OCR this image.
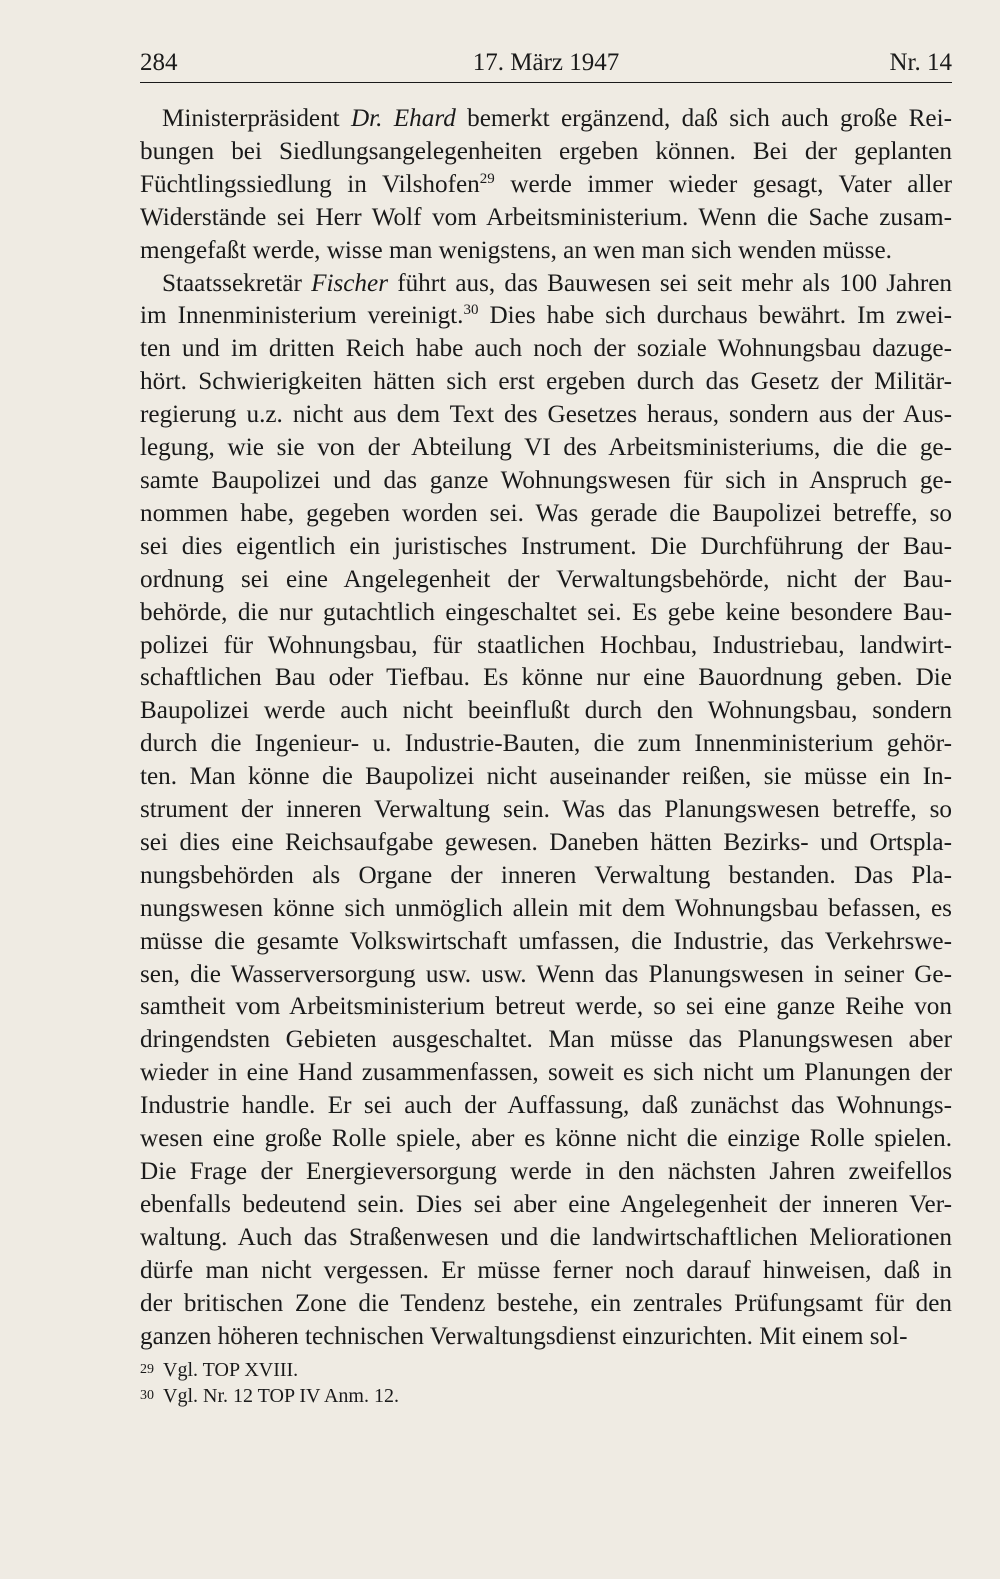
284	17. März 1947	Nr. 14

Ministerpräsident Dr. Ehard bemerkt ergänzend, daß sich auch große Rei-
bungen bei Siedlungsangelegenheiten ergeben können. Bei der geplanten
Füchtlingssiedlung in Vilshofen$^{29}$ werde immer wieder gesagt, Vater aller
Widerstände sei Herr Wolf vom Arbeitsministerium. Wenn die Sache zusam-
mengefaßt werde, wisse man wenigstens, an wen man sich wenden müsse.

Staatssekretär Fischer führt aus, das Bauwesen sei seit mehr als 100 Jahren
im Innenministerium vereinigt.$^{30}$ Dies habe sich durchaus bewährt. Im zwei-
ten und im dritten Reich habe auch noch der soziale Wohnungsbau dazuge-
hört. Schwierigkeiten hätten sich erst ergeben durch das Gesetz der Militär-
regierung u.z. nicht aus dem Text des Gesetzes heraus, sondern aus der Aus-
legung, wie sie von der Abteilung VI des Arbeitsministeriums, die die ge-
samte Baupolizei und das ganze Wohnungswesen für sich in Anspruch ge-
nommen habe, gegeben worden sei. Was gerade die Baupolizei betreffe, so
sei dies eigentlich ein juristisches Instrument. Die Durchführung der Bau-
ordnung sei eine Angelegenheit der Verwaltungsbehörde, nicht der Bau-
behörde, die nur gutachtlich eingeschaltet sei. Es gebe keine besondere Bau-
polizei für Wohnungsbau, für staatlichen Hochbau, Industriebau, landwirt-
schaftlichen Bau oder Tiefbau. Es könne nur eine Bauordnung geben. Die
Baupolizei werde auch nicht beeinflußt durch den Wohnungsbau, sondern
durch die Ingenieur- u. Industrie-Bauten, die zum Innenministerium gehör-
ten. Man könne die Baupolizei nicht auseinander reißen, sie müsse ein In-
strument der inneren Verwaltung sein. Was das Planungswesen betreffe, so
sei dies eine Reichsaufgabe gewesen. Daneben hätten Bezirks- und Ortspla-
nungsbehörden als Organe der inneren Verwaltung bestanden. Das Pla-
nungswesen könne sich unmöglich allein mit dem Wohnungsbau befassen, es
müsse die gesamte Volkswirtschaft umfassen, die Industrie, das Verkehrswe-
sen, die Wasserversorgung usw. usw. Wenn das Planungswesen in seiner Ge-
samtheit vom Arbeitsministerium betreut werde, so sei eine ganze Reihe von
dringendsten Gebieten ausgeschaltet. Man müsse das Planungswesen aber
wieder in eine Hand zusammenfassen, soweit es sich nicht um Planungen der
Industrie handle. Er sei auch der Auffassung, daß zunächst das Wohnungs-
wesen eine große Rolle spiele, aber es könne nicht die einzige Rolle spielen.
Die Frage der Energieversorgung werde in den nächsten Jahren zweifellos
ebenfalls bedeutend sein. Dies sei aber eine Angelegenheit der inneren Ver-
waltung. Auch das Straßenwesen und die landwirtschaftlichen Meliorationen
dürfe man nicht vergessen. Er müsse ferner noch darauf hinweisen, daß in
der britischen Zone die Tendenz bestehe, ein zentrales Prüfungsamt für den
ganzen höheren technischen Verwaltungsdienst einzurichten. Mit einem sol-

29 Vgl. TOP XVIII.
30 Vgl. Nr. 12 TOP IV Anm. 12.
